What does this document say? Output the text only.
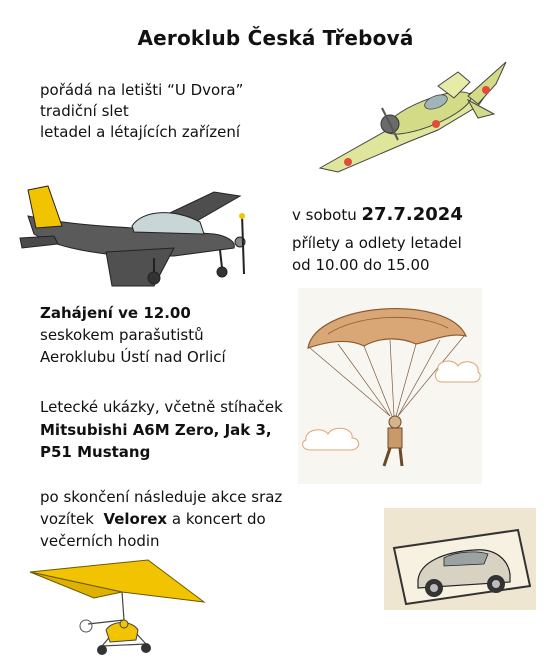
Aeroklub Česká Třebová
pořádá na letišti “U Dvora”
tradiční slet
letadel a létajících zařízení
v sobotu 27.7.2024
přílety a odlety letadel
od 10.00 do 15.00
Zahájení ve 12.00
seskokem parašutistů
Aeroklubu Ústí nad Orlicí
Letecké ukázky, včetně stíhaček
Mitsubishi A6M Zero, Jak 3,
P51 Mustang
po skončení následuje akce sraz
vozítek  Velorex a koncert do
večerních hodin
